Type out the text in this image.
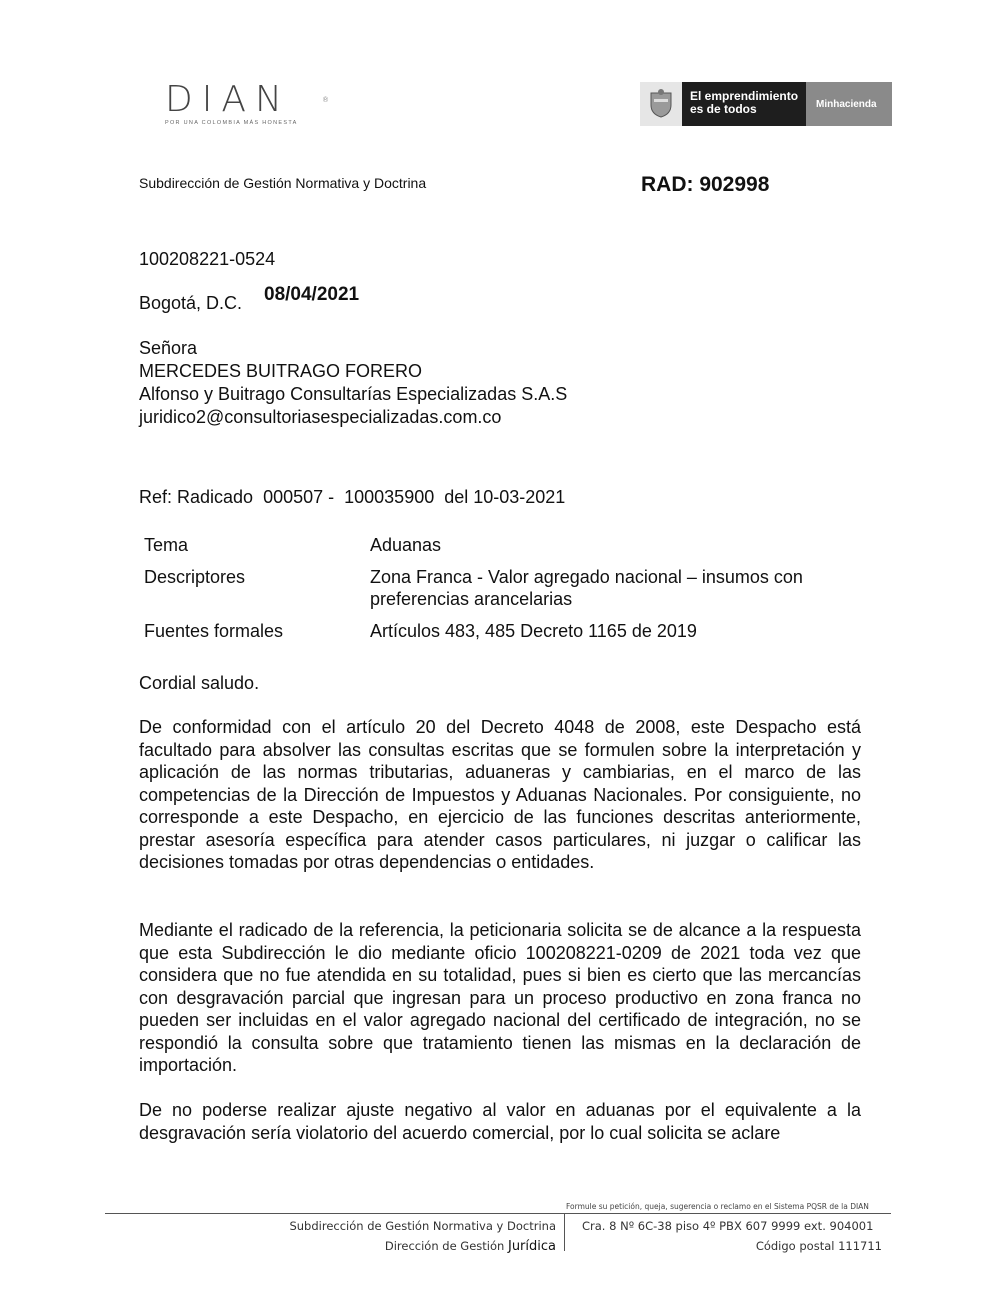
DIAN	®
POR UNA COLOMBIA MÁS HONESTA
El emprendimiento
es de todos	Minhacienda
Subdirección de Gestión Normativa y Doctrina	RAD: 902998
100208221-0524
Bogotá, D.C. 08/04/2021
Señora
MERCEDES BUITRAGO FORERO
Alfonso y Buitrago Consultarías Especializadas S.A.S
juridico2@consultoriasespecializadas.com.co
Ref: Radicado  000507 -  100035900  del 10-03-2021
Tema	Aduanas
Descriptores	Zona Franca - Valor agregado nacional – insumos con preferencias arancelarias
Fuentes formales	Artículos 483, 485 Decreto 1165 de 2019
Cordial saludo.

De conformidad con el artículo 20 del Decreto 4048 de 2008, este Despacho está facultado para absolver las consultas escritas que se formulen sobre la interpretación y aplicación de las normas tributarias, aduaneras y cambiarias, en el marco de las competencias de la Dirección de Impuestos y Aduanas Nacionales. Por consiguiente, no corresponde a este Despacho, en ejercicio de las funciones descritas anteriormente, prestar asesoría específica para atender casos particulares, ni juzgar o calificar las decisiones tomadas por otras dependencias o entidades.

Mediante el radicado de la referencia, la peticionaria solicita se de alcance a la respuesta que esta Subdirección le dio mediante oficio 100208221-0209 de 2021 toda vez que considera que no fue atendida en su totalidad, pues si bien es cierto que las mercancías con desgravación parcial que ingresan para un proceso productivo en zona franca no pueden ser incluidas en el valor agregado nacional del certificado de integración, no se respondió la consulta sobre que tratamiento tienen las mismas en la declaración de importación.

De no poderse realizar ajuste negativo al valor en aduanas por el equivalente a la desgravación sería violatorio del acuerdo comercial, por lo cual solicita se aclare

Formule su petición, queja, sugerencia o reclamo en el Sistema PQSR de la DIAN
Subdirección de Gestión Normativa y Doctrina
Dirección de Gestión Jurídica
Cra. 8 Nº 6C-38 piso 4º PBX 607 9999 ext. 904001
Código postal 111711
